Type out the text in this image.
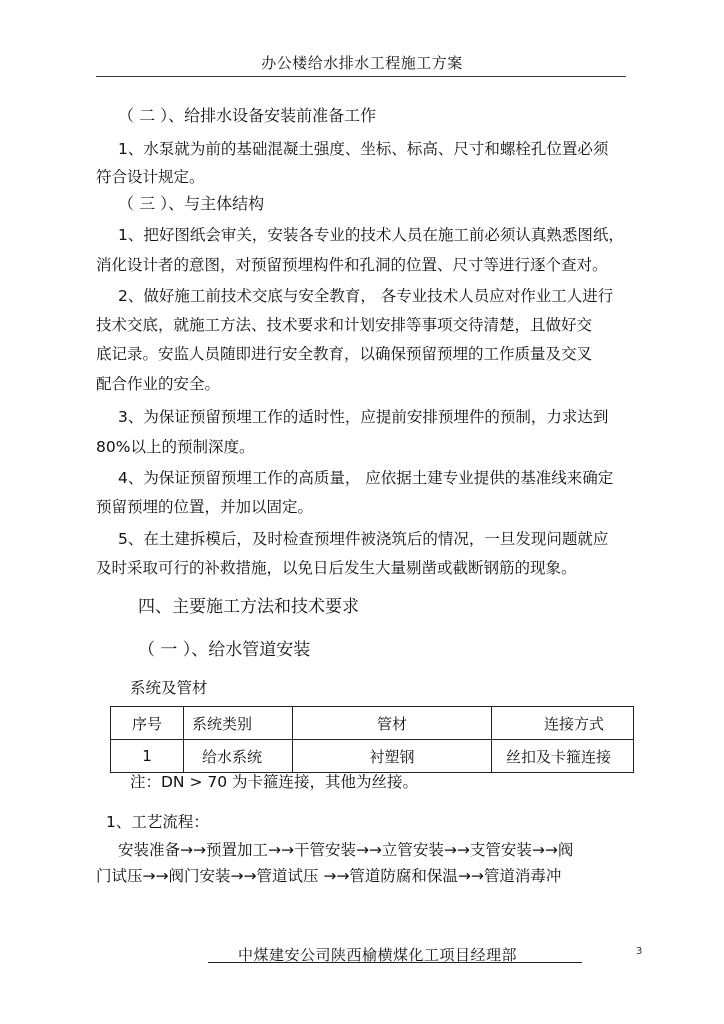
办公楼给水排水工程施工方案
（ 二 ）、给排水设备安装前准备工作
1、水泵就为前的基础混凝土强度、坐标、标高、尺寸和螺栓孔位置必须
符合设计规定。
（ 三 ）、与主体结构
1、把好图纸会审关，安装各专业的技术人员在施工前必须认真熟悉图纸，
消化设计者的意图，对预留预埋构件和孔洞的位置、尺寸等进行逐个查对。
2、做好施工前技术交底与安全教育， 各专业技术人员应对作业工人进行
技术交底，就施工方法、技术要求和计划安排等事项交待清楚，且做好交
底记录。安监人员随即进行安全教育，以确保预留预埋的工作质量及交叉
配合作业的安全。
3、为保证预留预埋工作的适时性，应提前安排预埋件的预制，力求达到
80%以上的预制深度。
4、为保证预留预埋工作的高质量， 应依据土建专业提供的基准线来确定
预留预埋的位置，并加以固定。
5、在土建拆模后，及时检查预埋件被浇筑后的情况，一旦发现问题就应
及时采取可行的补救措施，以免日后发生大量剔凿或截断钢筋的现象。
四、主要施工方法和技术要求
（ 一 ）、给水管道安装
系统及管材
序号	系统类别	管材	连接方式
1	给水系统	衬塑钢	丝扣及卡箍连接
注：DN > 70 为卡箍连接，其他为丝接。
1、工艺流程：
安装准备→→预置加工→→干管安装→→立管安装→→支管安装→→阀
门试压→→阀门安装→→管道试压 →→管道防腐和保温→→管道消毒冲
中煤建安公司陕西榆横煤化工项目经理部	3
